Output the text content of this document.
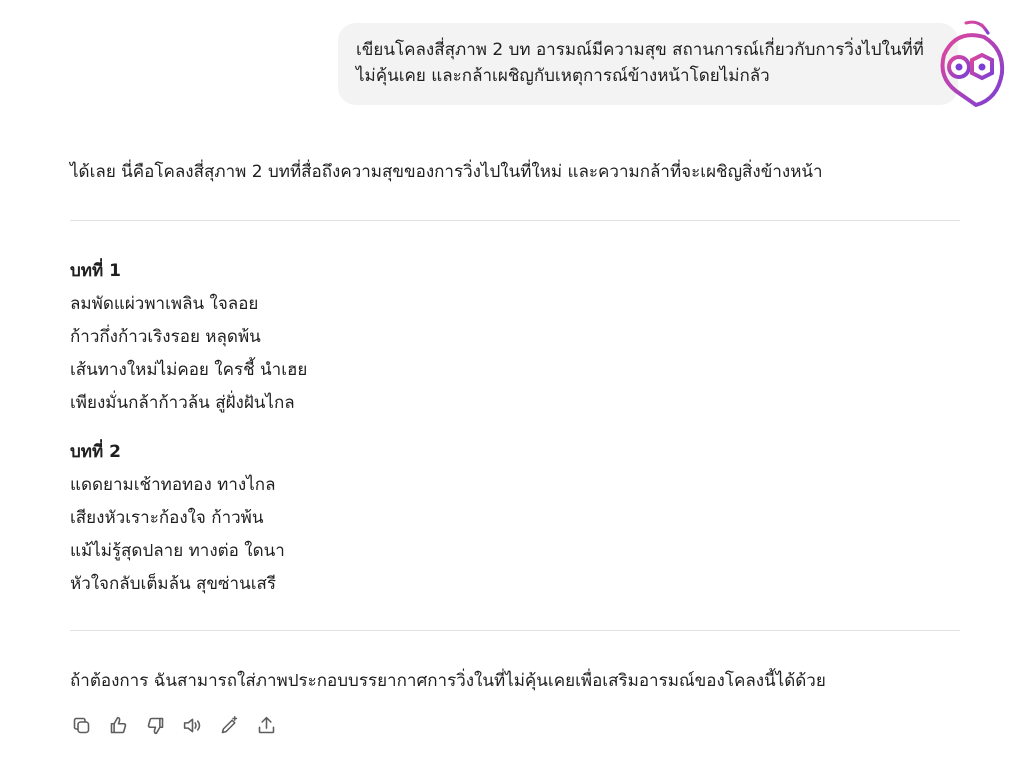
เขียนโคลงสี่สุภาพ 2 บท อารมณ์มีความสุข สถานการณ์เกี่ยวกับการวิ่งไปในที่ที่
ไม่คุ้นเคย และกล้าเผชิญกับเหตุการณ์ข้างหน้าโดยไม่กลัว
ได้เลย นี่คือโคลงสี่สุภาพ 2 บทที่สื่อถึงความสุขของการวิ่งไปในที่ใหม่ และความกล้าที่จะเผชิญสิ่งข้างหน้า
บทที่ 1
ลมพัดแผ่วพาเพลิน ใจลอย
ก้าวกึ่งก้าวเริงรอย หลุดพ้น
เส้นทางใหม่ไม่คอย ใครชี้ นำเฮย
เพียงมั่นกล้าก้าวล้น สู่ฝั่งฝันไกล
บทที่ 2
แดดยามเช้าทอทอง ทางไกล
เสียงหัวเราะก้องใจ ก้าวพ้น
แม้ไม่รู้สุดปลาย ทางต่อ ใดนา
หัวใจกลับเต็มล้น สุขซ่านเสรี
ถ้าต้องการ ฉันสามารถใส่ภาพประกอบบรรยากาศการวิ่งในที่ไม่คุ้นเคยเพื่อเสริมอารมณ์ของโคลงนี้ได้ด้วย
